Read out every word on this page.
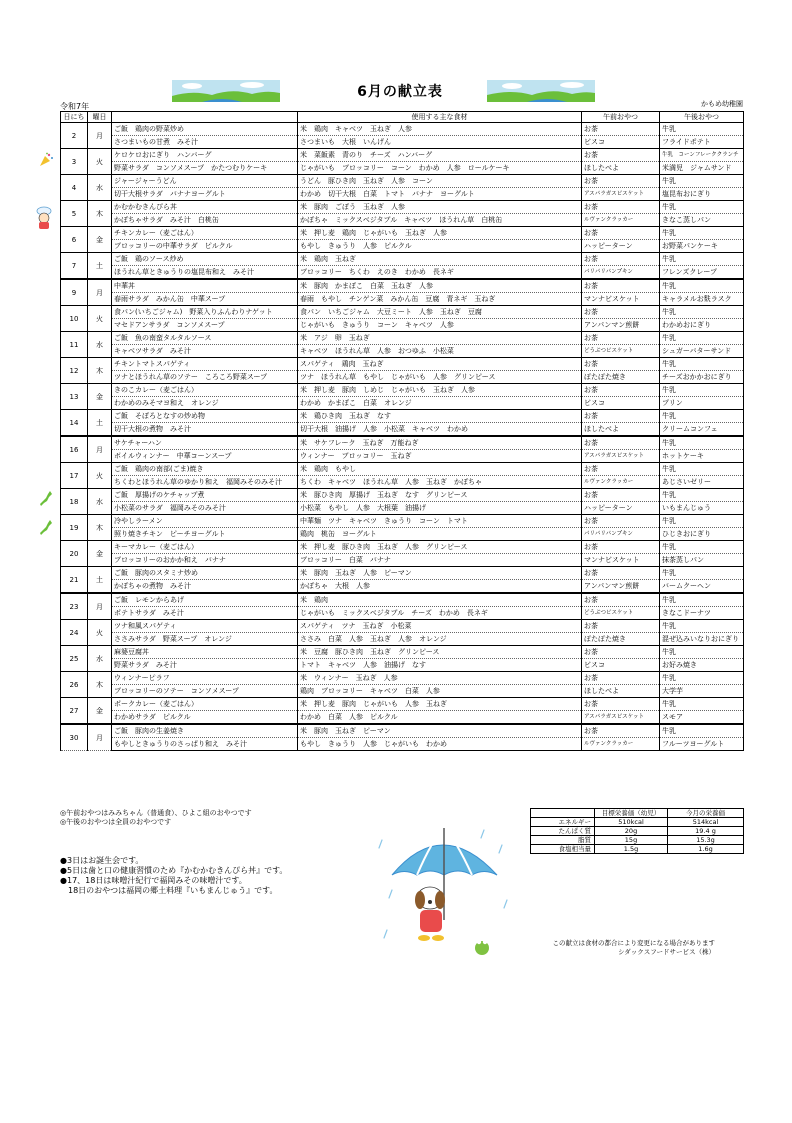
6月の献立表
令和7年	かもめ幼稚園
日にち	曜日		使用する主な食材	午前おやつ	午後おやつ
2	月	ご飯　鶏肉の野菜炒め	米　鶏肉　キャベツ　玉ねぎ　人参	お茶	牛乳
		さつまいもの甘煮　みそ汁	さつまいも　大根　いんげん	ビスコ	フライドポテト
3	火	ケロケロおにぎり　ハンバーグ	米　菜飯素　青のり　チーズ　ハンバーグ	お茶	牛乳　コーンフレーククランチ
		野菜サラダ　コンソメスープ　かたつむりケーキ	じゃがいも　ブロッコリー　コーン　わかめ　人参　ロールケーキ	ほしたべよ	米満児　ジャムサンド
4	水	ジャージャーうどん	うどん　豚ひき肉　玉ねぎ　人参　コーン	お茶	牛乳
		切干大根サラダ　バナナヨーグルト	わかめ　切干大根　白菜　トマト　バナナ　ヨーグルト	アスパラガスビスケット	塩昆布おにぎり
5	木	かむかむきんぴら丼	米　豚肉　ごぼう　玉ねぎ　人参	お茶	牛乳
		かぼちゃサラダ　みそ汁　白桃缶	かぼちゃ　ミックスベジタブル　キャベツ　ほうれん草　白桃缶	ルヴァンクラッカー	きなこ蒸しパン
6	金	チキンカレー（麦ごはん）	米　押し麦　鶏肉　じゃがいも　玉ねぎ　人参	お茶	牛乳
		ブロッコリーの中華サラダ　ピルクル	もやし　きゅうり　人参　ピルクル	ハッピーターン	お野菜パンケーキ
7	土	ご飯　鶏のソース炒め	米　鶏肉　玉ねぎ	お茶	牛乳
		ほうれん草ときゅうりの塩昆布和え　みそ汁	ブロッコリー　ちくわ　えのき　わかめ　長ネギ	パリパリパンプキン	フレンズクレープ
9	月	中華丼	米　豚肉　かまぼこ　白菜　玉ねぎ　人参	お茶	牛乳
		春雨サラダ　みかん缶　中華スープ	春雨　もやし　チンゲン菜　みかん缶　豆腐　青ネギ　玉ねぎ	マンナビスケット	キャラメルお麩ラスク
10	火	食パン(いちごジャム)　野菜入りふんわりナゲット	食パン　いちごジャム　大豆ミート　人参　玉ねぎ　豆腐	お茶	牛乳
		マセドアンサラダ　コンソメスープ	じゃがいも　きゅうり　コーン　キャベツ　人参	アンパンマン煎餅	わかめおにぎり
11	水	ご飯　魚の南蛮タルタルソース	米　アジ　卵　玉ねぎ	お茶	牛乳
		キャベツサラダ　みそ汁	キャベツ　ほうれん草　人参　おつゆふ　小松菜	どうぶつビスケット	シュガーバターサンド
12	木	チキントマトスパゲティ	スパゲティ　鶏肉　玉ねぎ	お茶	牛乳
		ツナとほうれん草のソテー　ころころ野菜スープ	ツナ　ほうれん草　もやし　じゃがいも　人参　グリンピース	ぽたぽた焼き	チーズおかかおにぎり
13	金	きのこカレー（麦ごはん）	米　押し麦　豚肉　しめじ　じゃがいも　玉ねぎ　人参	お茶	牛乳
		わかめのみそマヨ和え　オレンジ	わかめ　かまぼこ　白菜　オレンジ	ビスコ	プリン
14	土	ご飯　そぼろとなすの炒め物	米　鶏ひき肉　玉ねぎ　なす	お茶	牛乳
		切干大根の煮物　みそ汁	切干大根　油揚げ　人参　小松菜　キャベツ　わかめ	ほしたべよ	クリームコンフェ
16	月	サケチャーハン	米　サケフレーク　玉ねぎ　万能ねぎ	お茶	牛乳
		ボイルウィンナー　中華コーンスープ	ウィンナー　ブロッコリー　玉ねぎ	アスパラガスビスケット	ホットケーキ
17	火	ご飯　鶏肉の南部(ごま)焼き	米　鶏肉　もやし	お茶	牛乳
		ちくわとほうれん草のゆかり和え　福岡みそのみそ汁	ちくわ　キャベツ　ほうれん草　人参　玉ねぎ　かぼちゃ	ルヴァンクラッカー	あじさいゼリー
18	水	ご飯　厚揚げのケチャップ煮	米　豚ひき肉　厚揚げ　玉ねぎ　なす　グリンピース	お茶	牛乳
		小松菜のサラダ　福岡みそのみそ汁	小松菜　もやし　人参　大根葉　油揚げ	ハッピーターン	いもまんじゅう
19	木	冷やしラーメン	中華麺　ツナ　キャベツ　きゅうり　コーン　トマト	お茶	牛乳
		照り焼きチキン　ピーチヨーグルト	鶏肉　桃缶　ヨーグルト	パリパリパンプキン	ひじきおにぎり
20	金	キーマカレー（麦ごはん）	米　押し麦　豚ひき肉　玉ねぎ　人参　グリンピース	お茶	牛乳
		ブロッコリーのおかか和え　バナナ	ブロッコリー　白菜　バナナ	マンナビスケット	抹茶蒸しパン
21	土	ご飯　豚肉のスタミナ炒め	米　豚肉　玉ねぎ　人参　ピーマン	お茶	牛乳
		かぼちゃの煮物　みそ汁	かぼちゃ　大根　人参	アンパンマン煎餅	バームクーヘン
23	月	ご飯　レモンからあげ	米　鶏肉	お茶	牛乳
		ポテトサラダ　みそ汁	じゃがいも　ミックスベジタブル　チーズ　わかめ　長ネギ	どうぶつビスケット	きなこドーナツ
24	火	ツナ和風スパゲティ	スパゲティ　ツナ　玉ねぎ　小松菜	お茶	牛乳
		ささみサラダ　野菜スープ　オレンジ	ささみ　白菜　人参　玉ねぎ　人参　オレンジ	ぽたぽた焼き	混ぜ込みいなりおにぎり
25	水	麻婆豆腐丼	米　豆腐　豚ひき肉　玉ねぎ　グリンピース	お茶	牛乳
		野菜サラダ　みそ汁	トマト　キャベツ　人参　油揚げ　なす	ビスコ	お好み焼き
26	木	ウィンナーピラフ	米　ウィンナー　玉ねぎ　人参	お茶	牛乳
		ブロッコリーのソテー　コンソメスープ	鶏肉　ブロッコリー　キャベツ　白菜　人参	ほしたべよ	大学芋
27	金	ポークカレー（麦ごはん）	米　押し麦　豚肉　じゃがいも　人参　玉ねぎ	お茶	牛乳
		わかめサラダ　ピルクル	わかめ　白菜　人参　ピルクル	アスパラガスビスケット	スモア
30	月	ご飯　豚肉の生姜焼き	米　豚肉　玉ねぎ　ピーマン	お茶	牛乳
		もやしときゅうりのさっぱり和え　みそ汁	もやし　きゅうり　人参　じゃがいも　わかめ	ルヴァンクラッカー	フルーツヨーグルト
◎午前おやつはみみちゃん（普通食）、ひよこ組のおやつです
◎午後のおやつは全員のおやつです
	目標栄養価（幼児）	今月の栄養価
エネルギー	510kcal	514kcal
たんぱく質	20g	19.4 g
脂質	15g	15.3g
食塩相当量	1.5g	1.6g
●3日はお誕生会です。
●5日は歯と口の健康習慣のため『かむかむきんぴら丼』です。
●17、18日は味噌汁紀行で福岡みその味噌汁です。
　18日のおやつは福岡の郷土料理『いもまんじゅう』です。
この献立は食材の都合により変更になる場合があります
シダックスフードサービス（株）
